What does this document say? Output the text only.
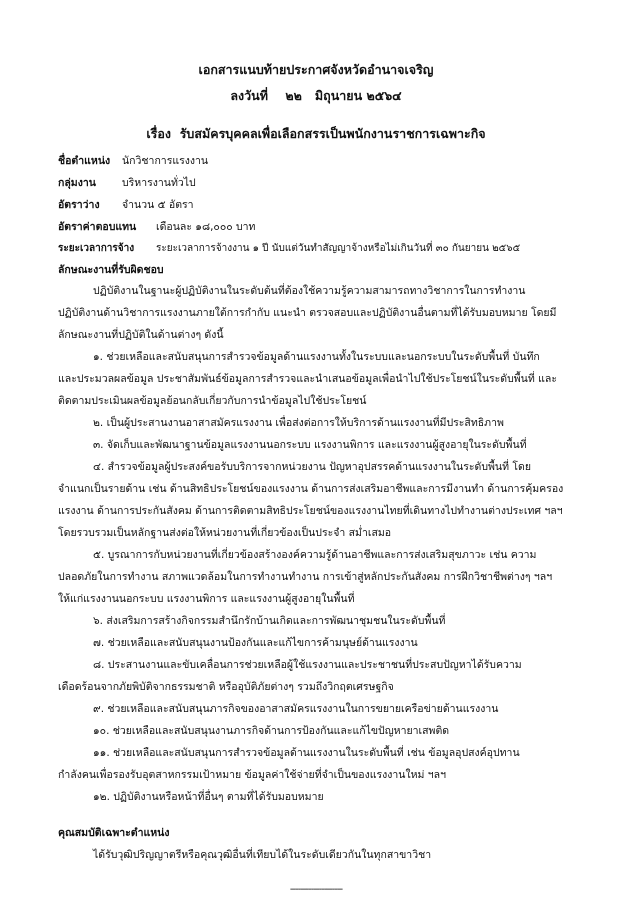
เอกสารแนบท้ายประกาศจังหวัดอำนาจเจริญ
ลงวันที่ ๒๒ มิถุนายน ๒๕๖๔
เรื่อง รับสมัครบุคคลเพื่อเลือกสรรเป็นพนักงานราชการเฉพาะกิจ
ชื่อตำแหน่ง นักวิชาการแรงงาน
กลุ่มงาน บริหารงานทั่วไป
อัตราว่าง จำนวน ๕ อัตรา
อัตราค่าตอบแทน เดือนละ ๑๘,๐๐๐ บาท
ระยะเวลาการจ้าง ระยะเวลาการจ้างงาน ๑ ปี นับแต่วันทำสัญญาจ้างหรือไม่เกินวันที่ ๓๐ กันยายน ๒๕๖๕
ลักษณะงานที่รับผิดชอบ
ปฏิบัติงานในฐานะผู้ปฏิบัติงานในระดับต้นที่ต้องใช้ความรู้ความสามารถทางวิชาการในการทำงาน
ปฏิบัติงานด้านวิชาการแรงงานภายใต้การกำกับ แนะนำ ตรวจสอบและปฏิบัติงานอื่นตามที่ได้รับมอบหมาย โดยมี
ลักษณะงานที่ปฏิบัติในด้านต่างๆ ดังนี้
๑. ช่วยเหลือและสนับสนุนการสำรวจข้อมูลด้านแรงงานทั้งในระบบและนอกระบบในระดับพื้นที่ บันทึก
และประมวลผลข้อมูล ประชาสัมพันธ์ข้อมูลการสำรวจและนำเสนอข้อมูลเพื่อนำไปใช้ประโยชน์ในระดับพื้นที่ และ
ติดตามประเมินผลข้อมูลย้อนกลับเกี่ยวกับการนำข้อมูลไปใช้ประโยชน์
๒. เป็นผู้ประสานงานอาสาสมัครแรงงาน เพื่อส่งต่อการให้บริการด้านแรงงานที่มีประสิทธิภาพ
๓. จัดเก็บและพัฒนาฐานข้อมูลแรงงานนอกระบบ แรงงานพิการ และแรงงานผู้สูงอายุในระดับพื้นที่
๔. สำรวจข้อมูลผู้ประสงค์ขอรับบริการจากหน่วยงาน ปัญหาอุปสรรคด้านแรงงานในระดับพื้นที่ โดย
จำแนกเป็นรายด้าน เช่น ด้านสิทธิประโยชน์ของแรงงาน ด้านการส่งเสริมอาชีพและการมีงานทำ ด้านการคุ้มครอง
แรงงาน ด้านการประกันสังคม ด้านการติดตามสิทธิประโยชน์ของแรงงานไทยที่เดินทางไปทำงานต่างประเทศ ฯลฯ
โดยรวบรวมเป็นหลักฐานส่งต่อให้หน่วยงานที่เกี่ยวข้องเป็นประจำ สม่ำเสมอ
๕. บูรณาการกับหน่วยงานที่เกี่ยวข้องสร้างองค์ความรู้ด้านอาชีพและการส่งเสริมสุขภาวะ เช่น ความ
ปลอดภัยในการทำงาน สภาพแวดล้อมในการทำงานทำงาน การเข้าสู่หลักประกันสังคม การฝึกวิชาชีพต่างๆ ฯลฯ
ให้แก่แรงงานนอกระบบ แรงงานพิการ และแรงงานผู้สูงอายุในพื้นที่
๖. ส่งเสริมการสร้างกิจกรรมสำนึกรักบ้านเกิดและการพัฒนาชุมชนในระดับพื้นที่
๗. ช่วยเหลือและสนับสนุนงานป้องกันและแก้ไขการค้ามนุษย์ด้านแรงงาน
๘. ประสานงานและขับเคลื่อนการช่วยเหลือผู้ใช้แรงงานและประชาชนที่ประสบปัญหาได้รับความ
เดือดร้อนจากภัยพิบัติจากธรรมชาติ หรืออุบัติภัยต่างๆ รวมถึงวิกฤตเศรษฐกิจ
๙. ช่วยเหลือและสนับสนุนภารกิจของอาสาสมัครแรงงานในการขยายเครือข่ายด้านแรงงาน
๑๐. ช่วยเหลือและสนับสนุนงานภารกิจด้านการป้องกันและแก้ไขปัญหายาเสพติด
๑๑. ช่วยเหลือและสนับสนุนการสำรวจข้อมูลด้านแรงงานในระดับพื้นที่ เช่น ข้อมูลอุปสงค์อุปทาน
กำลังคนเพื่อรองรับอุตสาหกรรมเป้าหมาย ข้อมูลค่าใช้จ่ายที่จำเป็นของแรงงานใหม่ ฯลฯ
๑๒. ปฏิบัติงานหรือหน้าที่อื่นๆ ตามที่ได้รับมอบหมาย
คุณสมบัติเฉพาะตำแหน่ง
ได้รับวุฒิปริญญาตรีหรือคุณวุฒิอื่นที่เทียบได้ในระดับเดียวกันในทุกสาขาวิชา
--------------------
